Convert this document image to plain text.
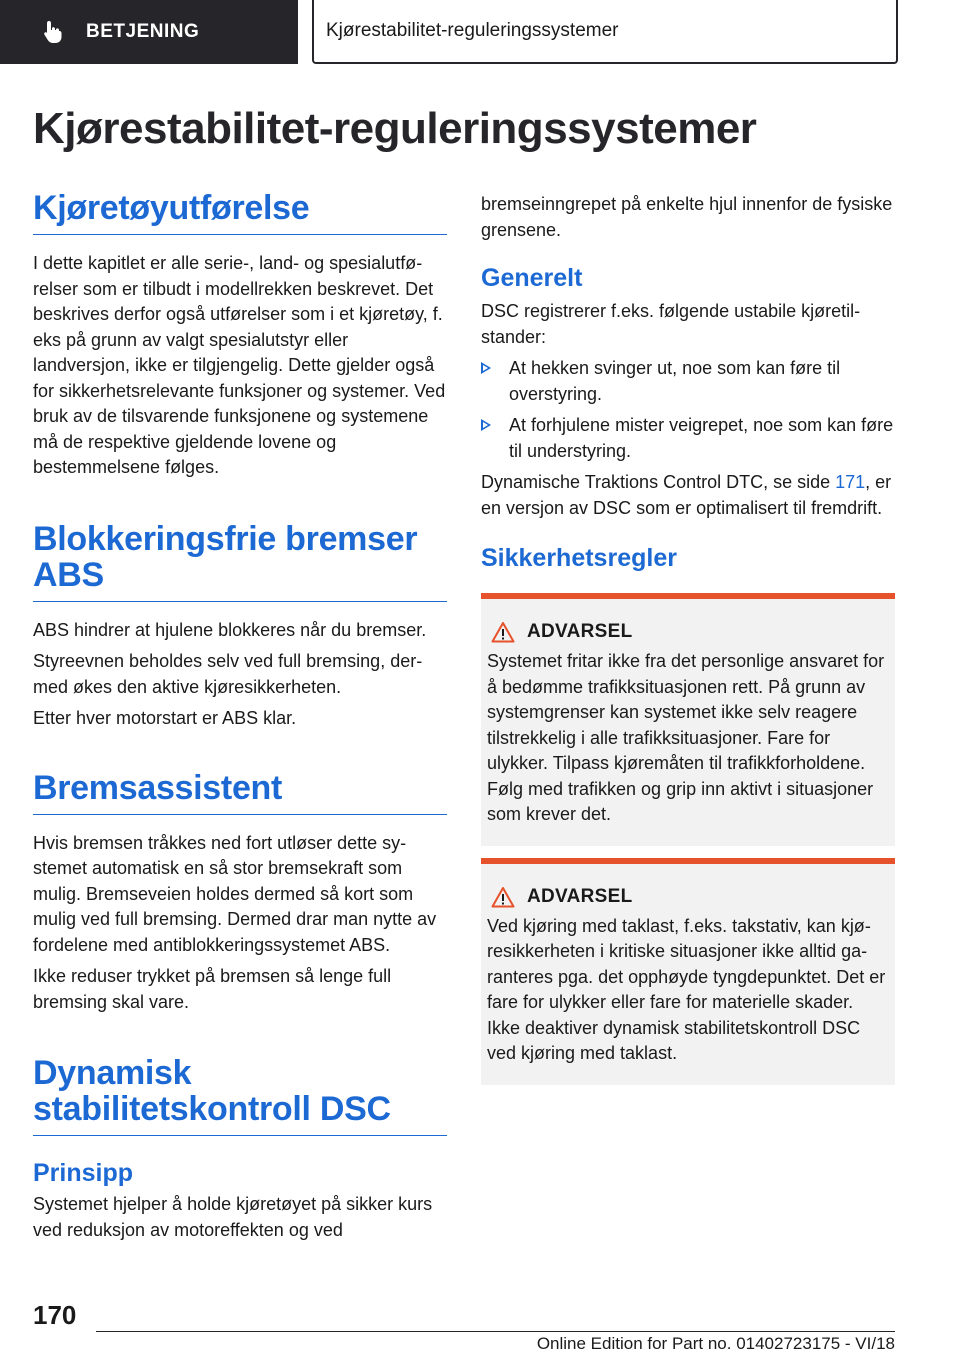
BETJENING	Kjørestabilitet-reguleringssystemer
Kjørestabilitet-reguleringssystemer
Kjøretøyutførelse

I dette kapitlet er alle serie-, land- og spesialutførelser som er tilbudt i modellrekken beskrevet. Det beskrives derfor også utførelser som i et kjøretøy, f. eks på grunn av valgt spesialutstyr eller landversjon, ikke er tilgjengelig. Dette gjelder også for sikkerhetsrelevante funksjoner og systemer. Ved bruk av de tilsvarende funksjonene og systemene må de respektive gjeldende lovene og bestemmelsene følges.

Blokkeringsfrie bremser
ABS

ABS hindrer at hjulene blokkeres når du bremser.

Styreevnen beholdes selv ved full bremsing, dermed økes den aktive kjøresikkerheten.

Etter hver motorstart er ABS klar.

Bremsassistent

Hvis bremsen tråkkes ned fort utløser dette systemet automatisk en så stor bremsekraft som mulig. Bremseveien holdes dermed så kort som mulig ved full bremsing. Dermed drar man nytte av fordelene med antiblokkeringssystemet ABS.

Ikke reduser trykket på bremsen så lenge full bremsing skal vare.

Dynamisk
stabilitetskontroll DSC
Prinsipp

Systemet hjelper å holde kjøretøyet på sikker kurs ved reduksjon av motoreffekten og ved

bremseinngrepet på enkelte hjul innenfor de fysiske grensene.

Generelt

DSC registrerer f.eks. følgende ustabile kjøretilstander:

At hekken svinger ut, noe som kan føre til overstyring.
At forhjulene mister veigrepet, noe som kan føre til understyring.

Dynamische Traktions Control DTC, se side 171, er en versjon av DSC som er optimalisert til fremdrift.

Sikkerhetsregler
ADVARSEL

Systemet fritar ikke fra det personlige ansvaret for å bedømme trafikksituasjonen rett. På grunn av systemgrenser kan systemet ikke selv reagere tilstrekkelig i alle trafikksituasjoner. Fare for ulykker. Tilpass kjøremåten til trafikkforholdene. Følg med trafikken og grip inn aktivt i situasjoner som krever det.

ADVARSEL

Ved kjøring med taklast, f.eks. takstativ, kan kjøresikkerheten i kritiske situasjoner ikke alltid garanteres pga. det opphøyde tyngdepunktet. Det er fare for ulykker eller fare for materielle skader. Ikke deaktiver dynamisk stabilitetskontroll DSC ved kjøring med taklast.

170
Online Edition for Part no. 01402723175 - VI/18
